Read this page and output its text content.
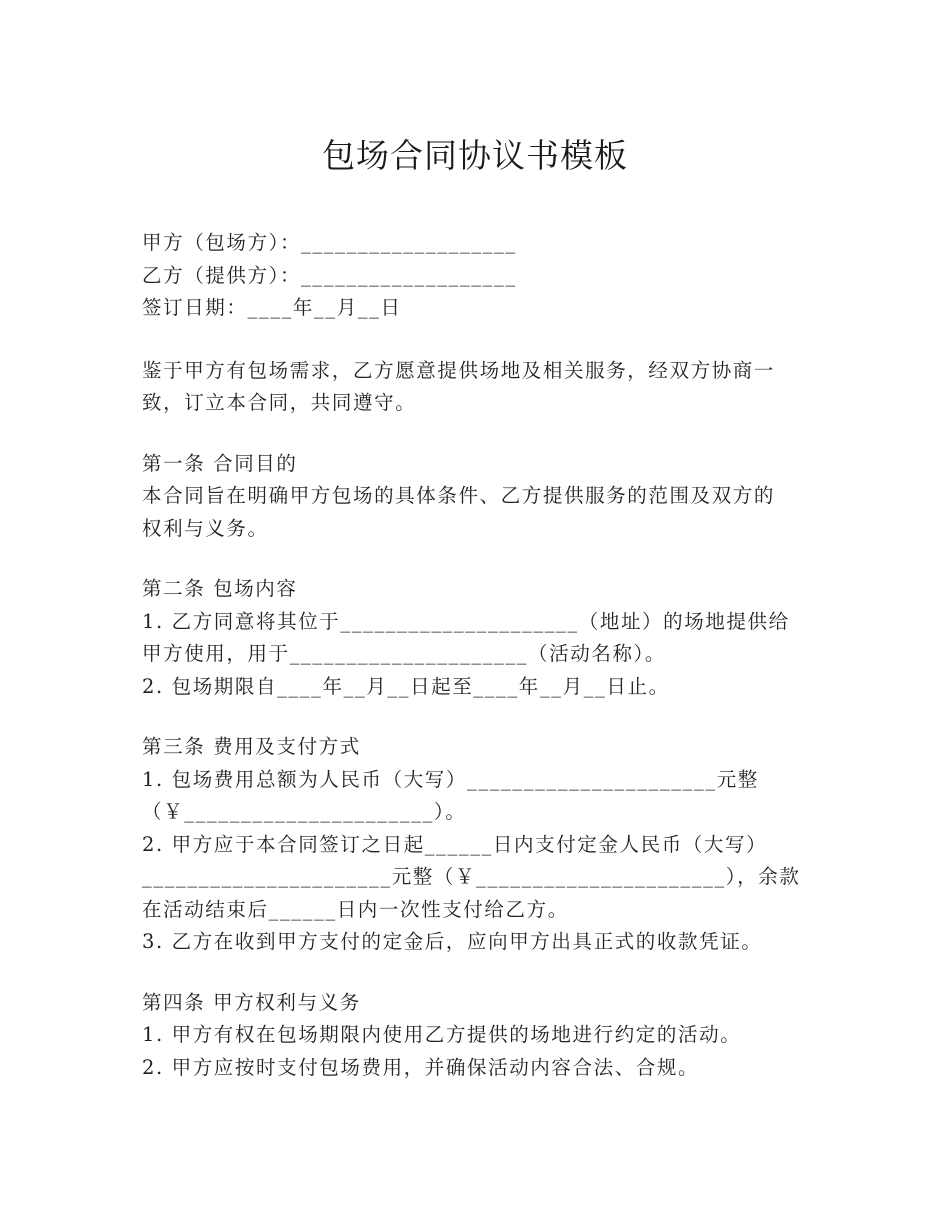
包场合同协议书模板
甲方（包场方）：___________________
乙方（提供方）：___________________
签订日期：____年__月__日
鉴于甲方有包场需求，乙方愿意提供场地及相关服务，经双方协商一
致，订立本合同，共同遵守。
第一条 合同目的
本合同旨在明确甲方包场的具体条件、乙方提供服务的范围及双方的
权利与义务。
第二条 包场内容
1. 乙方同意将其位于_____________________（地址）的场地提供给
甲方使用，用于_____________________（活动名称）。
2. 包场期限自____年__月__日起至____年__月__日止。
第三条 费用及支付方式
1. 包场费用总额为人民币（大写）______________________元整
（￥______________________）。
2. 甲方应于本合同签订之日起______日内支付定金人民币（大写）
______________________元整（￥______________________），余款
在活动结束后______日内一次性支付给乙方。
3. 乙方在收到甲方支付的定金后，应向甲方出具正式的收款凭证。
第四条 甲方权利与义务
1. 甲方有权在包场期限内使用乙方提供的场地进行约定的活动。
2. 甲方应按时支付包场费用，并确保活动内容合法、合规。
